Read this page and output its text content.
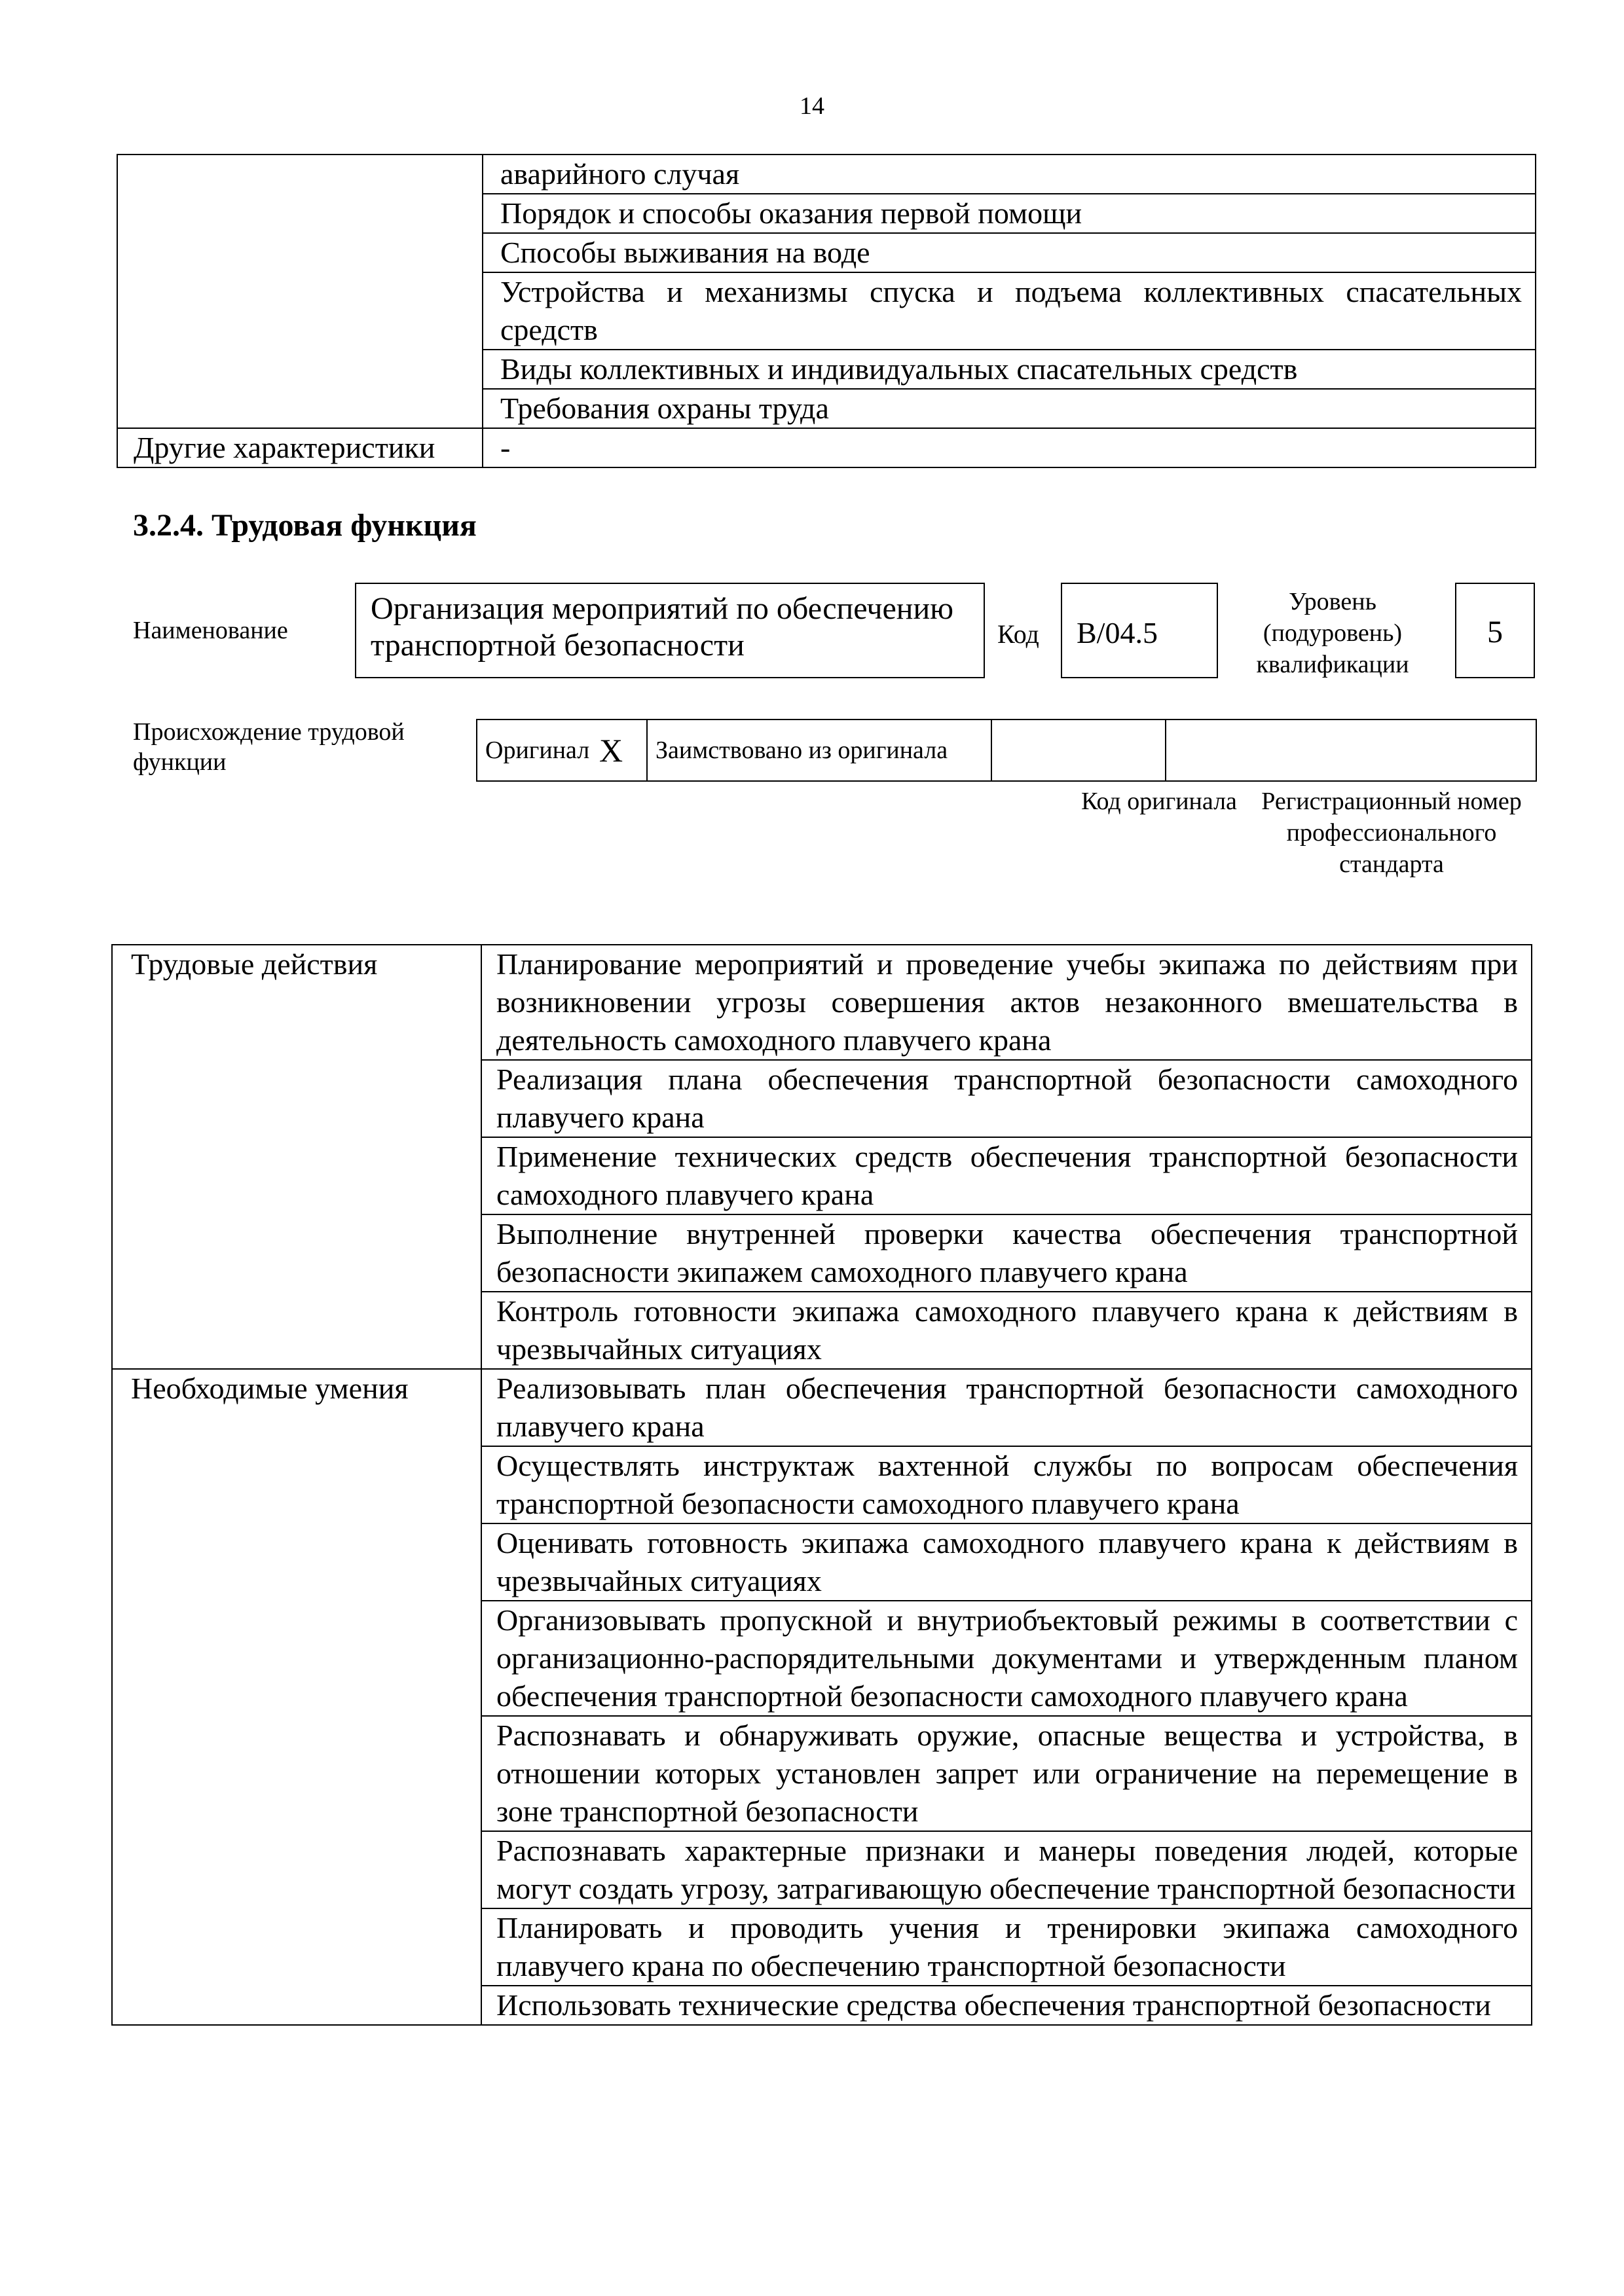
14
	аварийного случая
	Порядок и способы оказания первой помощи
	Способы выживания на воде
	Устройства и механизмы спуска и подъема коллективных спасательных средств
	Виды коллективных и индивидуальных спасательных средств
	Требования охраны труда
Другие характеристики	-
3.2.4. Трудовая функция
Наименование
Организация мероприятий по обеспечению транспортной безопасности	Код	B/04.5
Уровень (подуровень) квалификации
5
Происхождение трудовой функции	Оригинал	X	Заимствовано из оригинала		
Код оригинала Регистрационный номер профессионального стандарта
Трудовые действия	Планирование мероприятий и проведение учебы экипажа по действиям при возникновении угрозы совершения актов незаконного вмешательства в деятельность самоходного плавучего крана
	Реализация плана обеспечения транспортной безопасности самоходного плавучего крана
	Применение технических средств обеспечения транспортной безопасности самоходного плавучего крана
	Выполнение внутренней проверки качества обеспечения транспортной безопасности экипажем самоходного плавучего крана
	Контроль готовности экипажа самоходного плавучего крана к действиям в чрезвычайных ситуациях
Необходимые умения	Реализовывать план обеспечения транспортной безопасности самоходного плавучего крана
	Осуществлять инструктаж вахтенной службы по вопросам обеспечения транспортной безопасности самоходного плавучего крана
	Оценивать готовность экипажа самоходного плавучего крана к действиям в чрезвычайных ситуациях
	Организовывать пропускной и внутриобъектовый режимы в соответствии с организационно-распорядительными документами и утвержденным планом обеспечения транспортной безопасности самоходного плавучего крана
	Распознавать и обнаруживать оружие, опасные вещества и устройства, в отношении которых установлен запрет или ограничение на перемещение в зоне транспортной безопасности
	Распознавать характерные признаки и манеры поведения людей, которые могут создать угрозу, затрагивающую обеспечение транспортной безопасности
	Планировать и проводить учения и тренировки экипажа самоходного плавучего крана по обеспечению транспортной безопасности
	Использовать технические средства обеспечения транспортной безопасности
